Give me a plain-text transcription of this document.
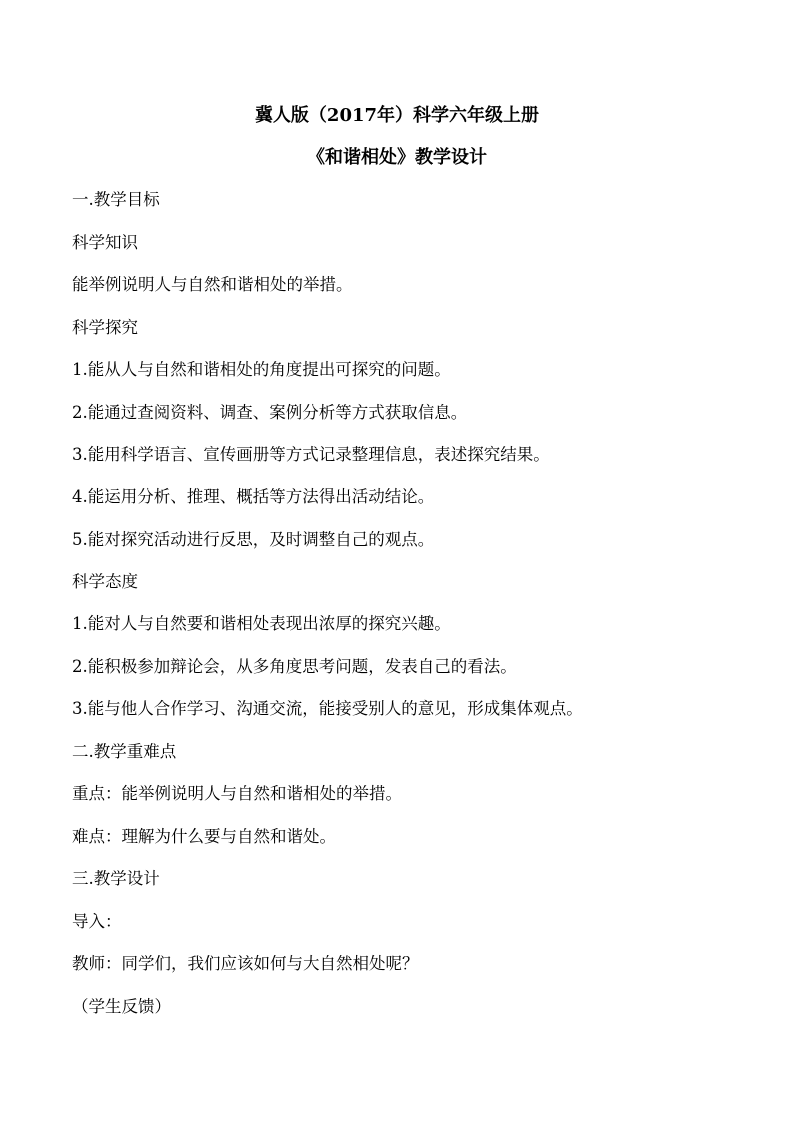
冀人版（2017年）科学六年级上册
《和谐相处》教学设计
一.教学目标
科学知识
能举例说明人与自然和谐相处的举措。
科学探究
1.能从人与自然和谐相处的角度提出可探究的问题。
2.能通过查阅资料、调查、案例分析等方式获取信息。
3.能用科学语言、宣传画册等方式记录整理信息，表述探究结果。
4.能运用分析、推理、概括等方法得出活动结论。
5.能对探究活动进行反思，及时调整自己的观点。
科学态度
1.能对人与自然要和谐相处表现出浓厚的探究兴趣。
2.能积极参加辩论会，从多角度思考问题，发表自己的看法。
3.能与他人合作学习、沟通交流，能接受别人的意见，形成集体观点。
二.教学重难点
重点：能举例说明人与自然和谐相处的举措。
难点：理解为什么要与自然和谐处。
三.教学设计
导入：
教师：同学们，我们应该如何与大自然相处呢？
（学生反馈）
